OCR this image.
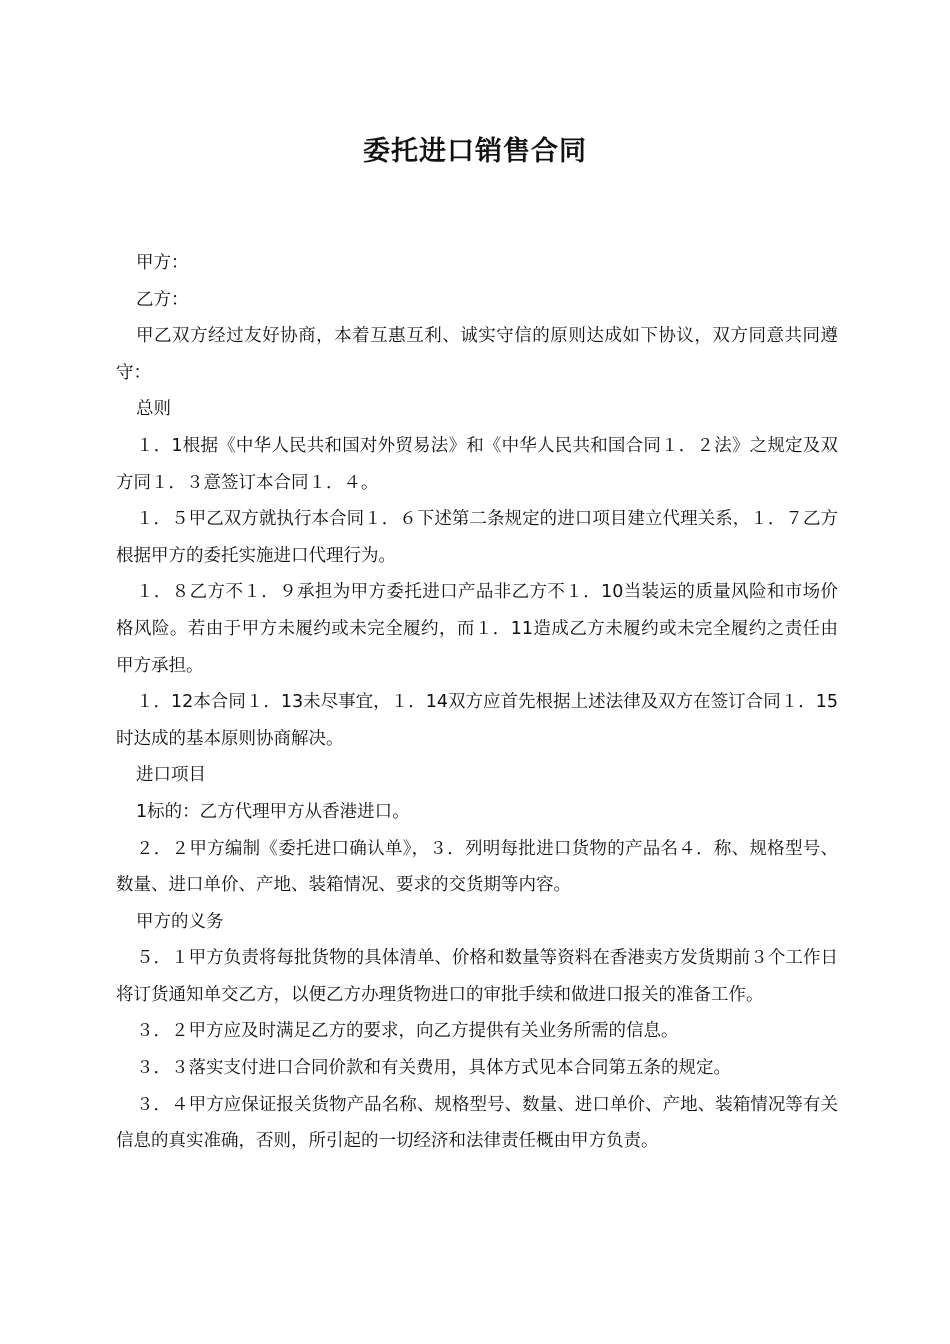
委托进口销售合同

甲方：

乙方：

甲乙双方经过友好协商，本着互惠互利、诚实守信的原则达成如下协议，双方同意共同遵守：

总则

１．1根据《中华人民共和国对外贸易法》和《中华人民共和国合同１．２法》之规定及双方同１．３意签订本合同１．４。

１．５甲乙双方就执行本合同１．６下述第二条规定的进口项目建立代理关系，１．７乙方根据甲方的委托实施进口代理行为。

１．８乙方不１．９承担为甲方委托进口产品非乙方不１．10当装运的质量风险和市场价格风险。若由于甲方未履约或未完全履约，而１．11造成乙方未履约或未完全履约之责任由甲方承担。

１．12本合同１．13未尽事宜，１．14双方应首先根据上述法律及双方在签订合同１．15时达成的基本原则协商解决。

进口项目

1标的：乙方代理甲方从香港进口。

２．２甲方编制《委托进口确认单》，３．列明每批进口货物的产品名４．称、规格型号、数量、进口单价、产地、装箱情况、要求的交货期等内容。

甲方的义务

５．１甲方负责将每批货物的具体清单、价格和数量等资料在香港卖方发货期前３个工作日将订货通知单交乙方，以便乙方办理货物进口的审批手续和做进口报关的准备工作。

３．２甲方应及时满足乙方的要求，向乙方提供有关业务所需的信息。

３．３落实支付进口合同价款和有关费用，具体方式见本合同第五条的规定。

３．４甲方应保证报关货物产品名称、规格型号、数量、进口单价、产地、装箱情况等有关信息的真实准确，否则，所引起的一切经济和法律责任概由甲方负责。
